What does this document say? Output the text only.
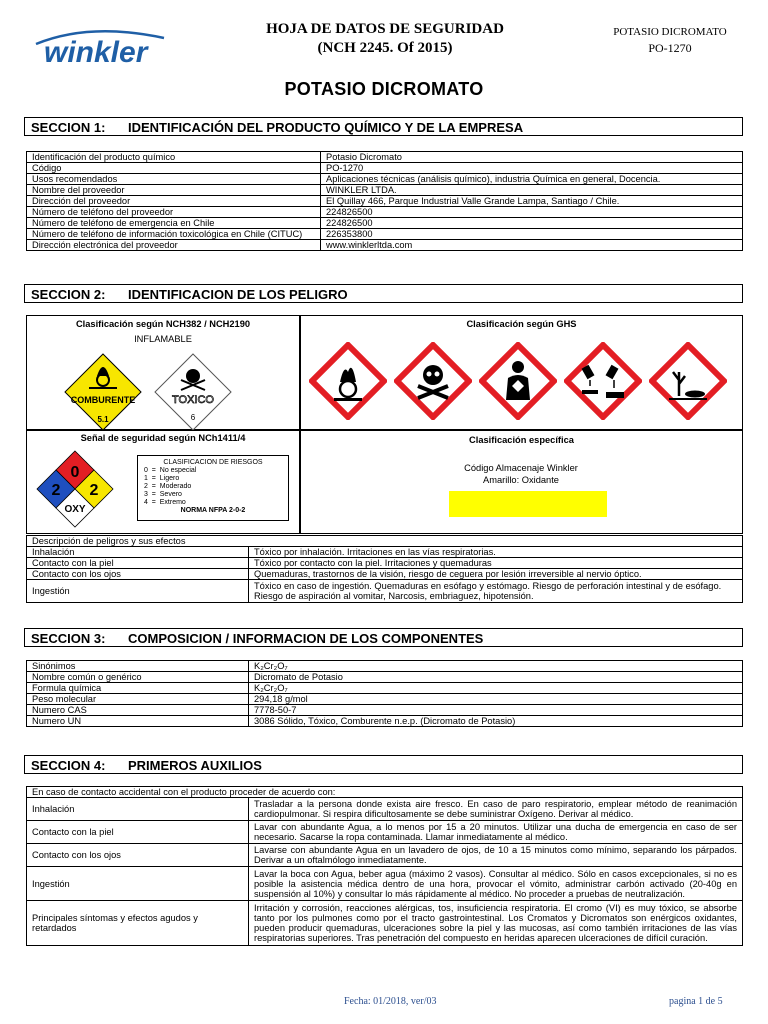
winkler
HOJA DE DATOS DE SEGURIDAD
(NCH 2245. Of 2015)
POTASIO DICROMATO
PO-1270
POTASIO DICROMATO
SECCION 1: IDENTIFICACIÓN DEL PRODUCTO QUÍMICO Y DE LA EMPRESA
Identificación del producto químico	Potasio Dicromato
Código	PO-1270
Usos recomendados	Aplicaciones técnicas (análisis químico), industria Química en general, Docencia.
Nombre del proveedor	WINKLER LTDA.
Dirección del proveedor	El Quillay 466, Parque Industrial Valle Grande Lampa, Santiago / Chile.
Número de teléfono del proveedor	224826500
Número de teléfono de emergencia en Chile	224826500
Número de teléfono de información toxicológica en Chile (CITUC)	226353800
Dirección electrónica del proveedor	www.winklerltda.com
SECCION 2: IDENTIFICACION DE LOS PELIGRO
Clasificación según NCH382 / NCH2190
INFLAMABLE
COMBURENTE
5.1
TOXICO
6
Clasificación según GHS
Señal de seguridad según NCh1411/4
0
2 2
OXY
CLASIFICACION DE RIESGOS
0  =  No especial
1  =  Ligero
2  =  Moderado
3  =  Severo
4  =  Extremo
NORMA NFPA 2-0-2
Clasificación específica
Código Almacenaje Winkler
Amarillo: Oxidante
Descripción de peligros y sus efectos	
Inhalación	Tóxico por inhalación. Irritaciones en las vías respiratorias.
Contacto con la piel	Tóxico por contacto con la piel. Irritaciones y quemaduras
Contacto con los ojos	Quemaduras, trastornos de la visión, riesgo de ceguera por lesión irreversible al nervio óptico.
Ingestión	Tóxico en caso de ingestión. Quemaduras en esófago y estómago. Riesgo de perforación intestinal y de esófago. Riesgo de aspiración al vomitar, Narcosis, embriaguez, hipotensión.
SECCION 3: COMPOSICION / INFORMACION DE LOS COMPONENTES
Sinónimos	K₂Cr₂O₇
Nombre común o genérico	Dicromato de Potasio
Formula química	K₂Cr₂O₇
Peso molecular	294,18 g/mol
Numero CAS	7778-50-7
Numero UN	3086 Sólido, Tóxico, Comburente n.e.p. (Dicromato de Potasio)
SECCION 4: PRIMEROS AUXILIOS
En caso de contacto accidental con el producto proceder de acuerdo con:	
Inhalación	Trasladar a la persona donde exista aire fresco. En caso de paro respiratorio, emplear método de reanimación cardiopulmonar. Si respira dificultosamente se debe suministrar Oxígeno. Derivar al médico.
Contacto con la piel	Lavar con abundante Agua, a lo menos por 15 a 20 minutos. Utilizar una ducha de emergencia en caso de ser necesario. Sacarse la ropa contaminada. Llamar inmediatamente al médico.
Contacto con los ojos	Lavarse con abundante Agua en un lavadero de ojos, de 10 a 15 minutos como mínimo, separando los párpados. Derivar a un oftalmólogo inmediatamente.
Ingestión	Lavar la boca con Agua, beber agua (máximo 2 vasos). Consultar al médico. Sólo en casos excepcionales, si no es posible la asistencia médica dentro de una hora, provocar el vómito, administrar carbón activado (20-40g en suspensión al 10%) y consultar lo más rápidamente al médico. No proceder a pruebas de neutralización.
Principales síntomas y efectos agudos y retardados	Irritación y corrosión, reacciones alérgicas, tos, insuficiencia respiratoria. El cromo (VI) es muy tóxico, se absorbe tanto por los pulmones como por el tracto gastrointestinal. Los Cromatos y Dicromatos son enérgicos oxidantes, pueden producir quemaduras, ulceraciones sobre la piel y las mucosas, así como también irritaciones de las vías respiratorias superiores. Tras penetración del compuesto en heridas aparecen ulceraciones de difícil curación.
Fecha: 01/2018, ver/03	pagina 1 de 5
